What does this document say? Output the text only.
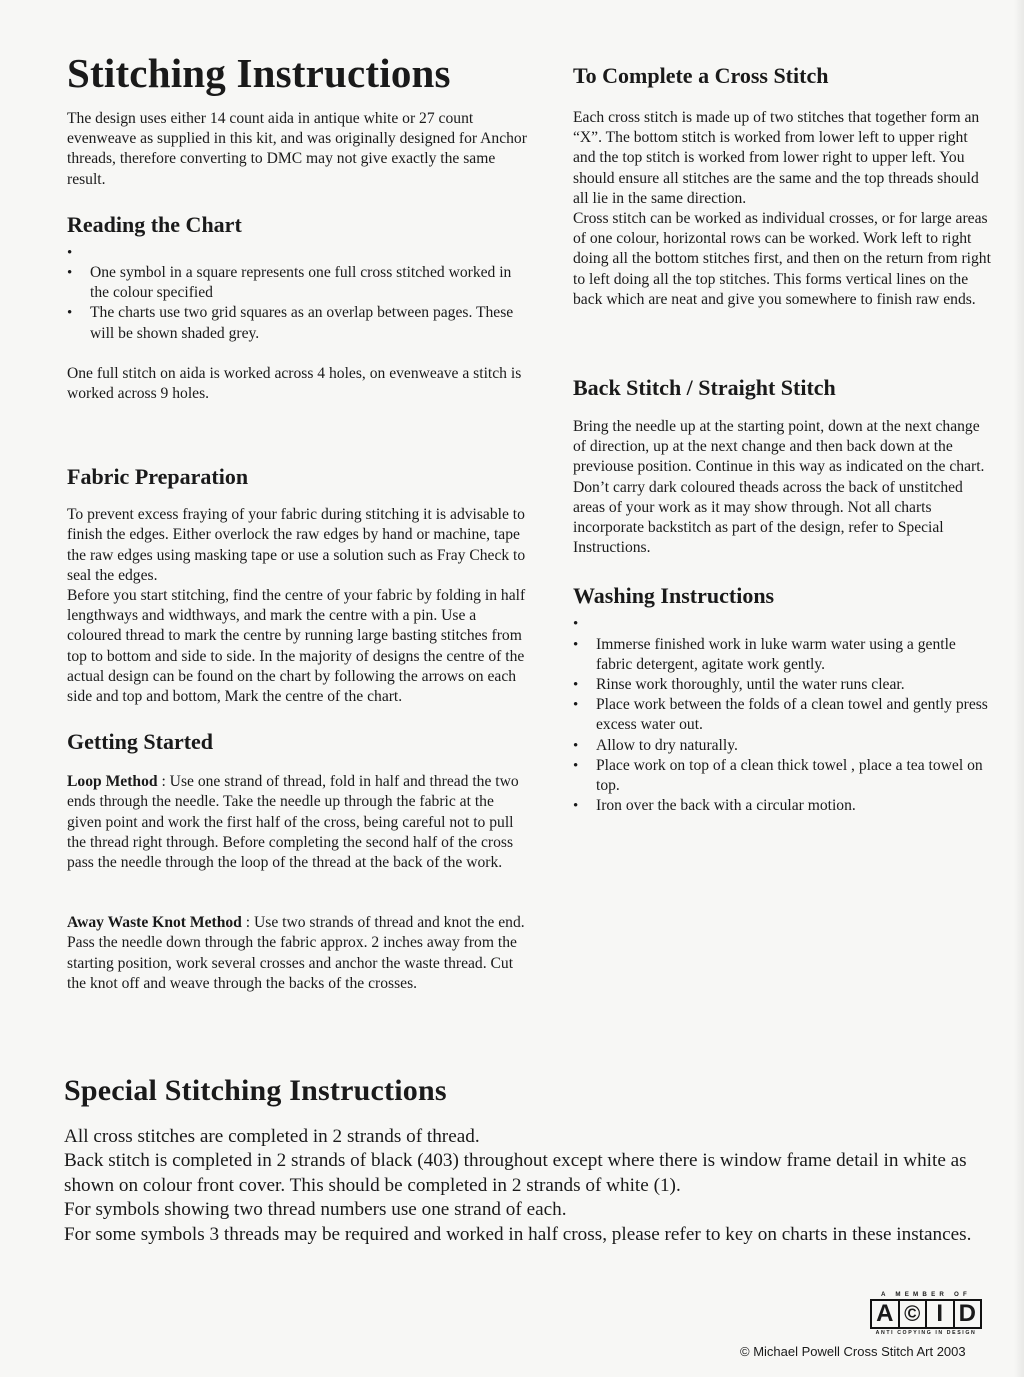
Stitching Instructions

The design uses either 14 count aida in antique white or 27 count evenweave as supplied in this kit, and was originally designed for Anchor threads, therefore converting to DMC may not give exactly the same result.

Reading the Chart
•
• One symbol in a square represents one full cross stitched worked in the colour specified
• The charts use two grid squares as an overlap between pages. These will be shown shaded grey.

One full stitch on aida is worked across 4 holes, on evenweave a stitch is worked across 9 holes.

Fabric Preparation

To prevent excess fraying of your fabric during stitching it is advisable to finish the edges. Either overlock the raw edges by hand or machine, tape the raw edges using masking tape or use a solution such as Fray Check to seal the edges.

Before you start stitching, find the centre of your fabric by folding in half lengthways and widthways, and mark the centre with a pin. Use a coloured thread to mark the centre by running large basting stitches from top to bottom and side to side. In the majority of designs the centre of the actual design can be found on the chart by following the arrows on each side and top and bottom, Mark the centre of the chart.

Getting Started

Loop Method : Use one strand of thread, fold in half and thread the two ends through the needle. Take the needle up through the fabric at the given point and work the first half of the cross, being careful not to pull the thread right through. Before completing the second half of the cross pass the needle through the loop of the thread at the back of the work.

Away Waste Knot Method : Use two strands of thread and knot the end. Pass the needle down through the fabric approx. 2 inches away from the starting position, work several crosses and anchor the waste thread. Cut the knot off and weave through the backs of the crosses.

To Complete a Cross Stitch

Each cross stitch is made up of two stitches that together form an “X”. The bottom stitch is worked from lower left to upper right and the top stitch is worked from lower right to upper left. You should ensure all stitches are the same and the top threads should all lie in the same direction.

Cross stitch can be worked as individual crosses, or for large areas of one colour, horizontal rows can be worked. Work left to right doing all the bottom stitches first, and then on the return from right to left doing all the top stitches. This forms vertical lines on the back which are neat and give you somewhere to finish raw ends.

Back Stitch / Straight Stitch

Bring the needle up at the starting point, down at the next change of direction, up at the next change and then back down at the previouse position. Continue in this way as indicated on the chart. Don’t carry dark coloured theads across the back of unstitched areas of your work as it may show through. Not all charts incorporate backstitch as part of the design, refer to Special Instructions.

Washing Instructions
•
• Immerse finished work in luke warm water using a gentle fabric detergent, agitate work gently.
• Rinse work thoroughly, until the water runs clear.
• Place work between the folds of a clean towel and gently press excess water out.
• Allow to dry naturally.
• Place work on top of a clean thick towel , place a tea towel on top.
• Iron over the back with a circular motion.
Special Stitching Instructions

All cross stitches are completed in 2 strands of thread.

Back stitch is completed in 2 strands of black (403) throughout except where there is window frame detail in white as shown on colour front cover. This should be completed in 2 strands of white (1).

For symbols showing two thread numbers use one strand of each.

For some symbols 3 threads may be required and worked in half cross, please refer to key on charts in these instances.

A MEMBER OF
A © I D
ANTI COPYING IN DESIGN
© Michael Powell Cross Stitch Art 2003
